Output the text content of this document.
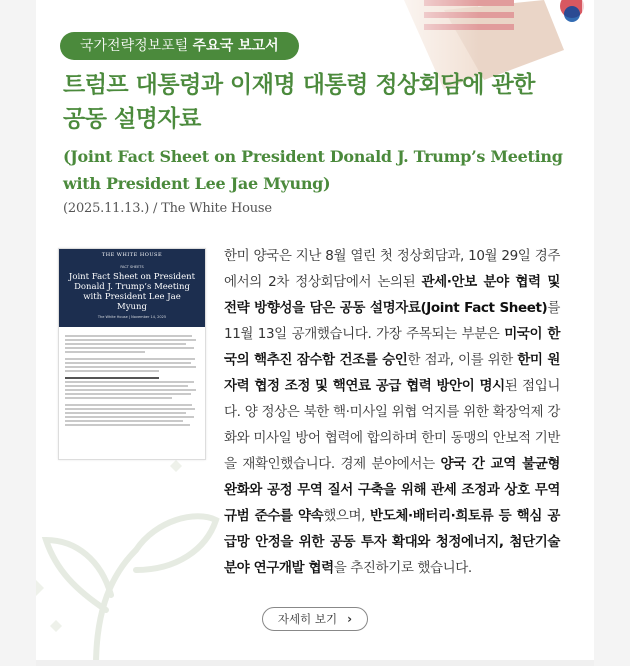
국가전략정보포털 주요국 보고서
트럼프 대통령과 이재명 대통령 정상회담에 관한 공동 설명자료

(Joint Fact Sheet on President Donald J. Trump’s Meeting with President Lee Jae Myung)

(2025.11.13.) / The White House
THE WHITE HOUSE
FACT SHEETS
Joint Fact Sheet on President Donald J. Trump’s Meeting with President Lee Jae Myung
The White House | November 14, 2025

한미 양국은 지난 8월 열린 첫 정상회담과, 10월 29일 경주에서의 2차 정상회담에서 논의된 관세·안보 분야 협력 및 전략 방향성을 담은 공동 설명자료(Joint Fact Sheet)를 11월 13일 공개했습니다. 가장 주목되는 부분은 미국이 한국의 핵추진 잠수함 건조를 승인한 점과, 이를 위한 한미 원자력 협정 조정 및 핵연료 공급 협력 방안이 명시된 점입니다. 양 정상은 북한 핵·미사일 위협 억지를 위한 확장억제 강화와 미사일 방어 협력에 합의하며 한미 동맹의 안보적 기반을 재확인했습니다. 경제 분야에서는 양국 간 교역 불균형 완화와 공정 무역 질서 구축을 위해 관세 조정과 상호 무역 규범 준수를 약속했으며, 반도체·배터리·희토류 등 핵심 공급망 안정을 위한 공동 투자 확대와 청정에너지, 첨단기술 분야 연구개발 협력을 추진하기로 했습니다.

자세히 보기 ›
